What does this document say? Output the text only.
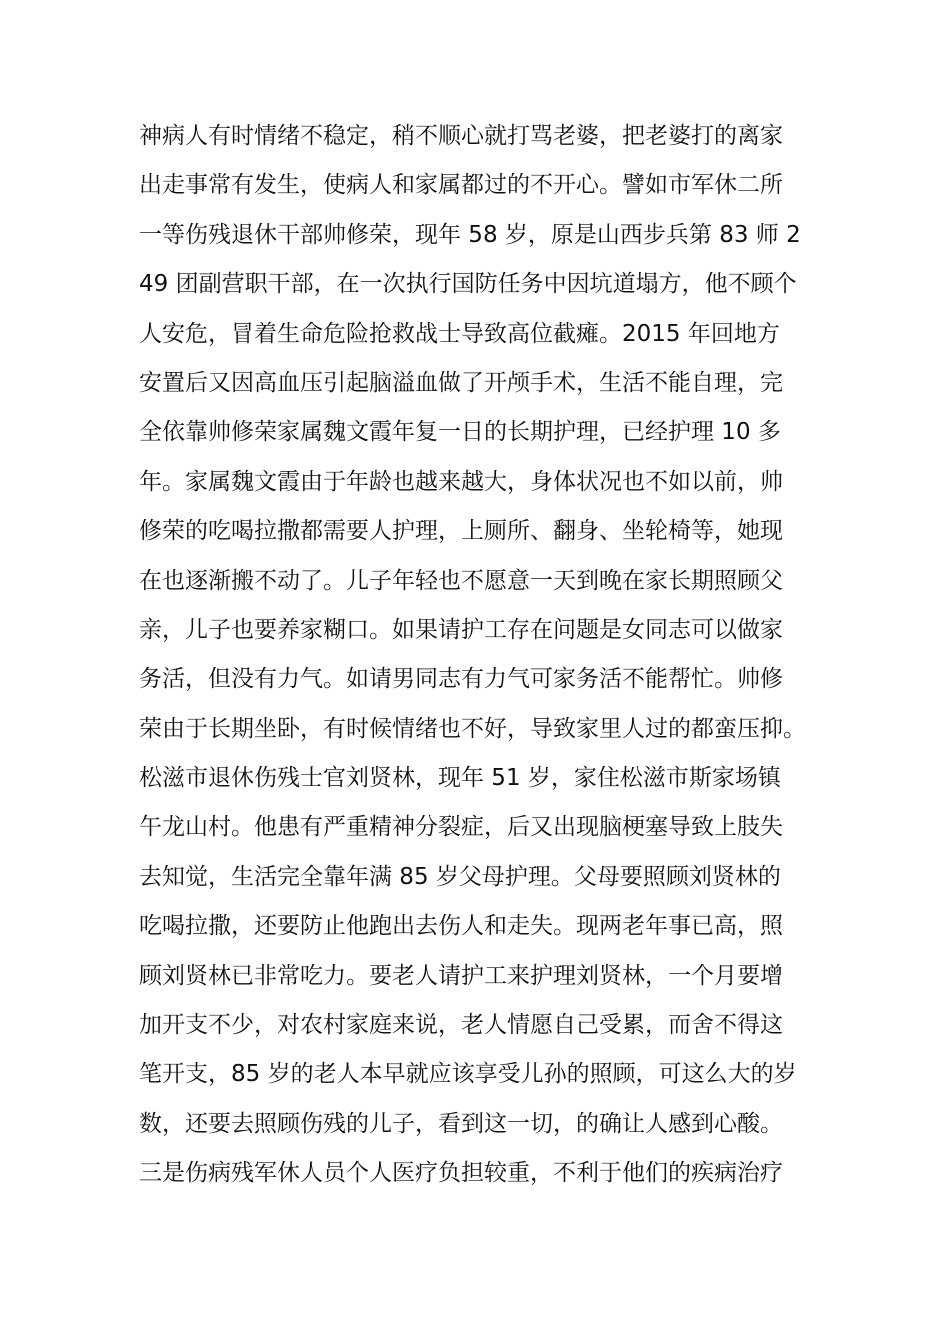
神病人有时情绪不稳定，稍不顺心就打骂老婆，把老婆打的离家
出走事常有发生，使病人和家属都过的不开心。譬如市军休二所
一等伤残退休干部帅修荣，现年 58 岁，原是山西步兵第 83 师 2
49 团副营职干部，在一次执行国防任务中因坑道塌方，他不顾个
人安危，冒着生命危险抢救战士导致高位截瘫。2015 年回地方
安置后又因高血压引起脑溢血做了开颅手术，生活不能自理，完
全依靠帅修荣家属魏文霞年复一日的长期护理，已经护理 10 多
年。家属魏文霞由于年龄也越来越大，身体状况也不如以前，帅
修荣的吃喝拉撒都需要人护理，上厕所、翻身、坐轮椅等，她现
在也逐渐搬不动了。儿子年轻也不愿意一天到晚在家长期照顾父
亲，儿子也要养家糊口。如果请护工存在问题是女同志可以做家
务活，但没有力气。如请男同志有力气可家务活不能帮忙。帅修
荣由于长期坐卧，有时候情绪也不好，导致家里人过的都蛮压抑。
松滋市退休伤残士官刘贤林，现年 51 岁，家住松滋市斯家场镇
午龙山村。他患有严重精神分裂症，后又出现脑梗塞导致上肢失
去知觉，生活完全靠年满 85 岁父母护理。父母要照顾刘贤林的
吃喝拉撒，还要防止他跑出去伤人和走失。现两老年事已高，照
顾刘贤林已非常吃力。要老人请护工来护理刘贤林，一个月要增
加开支不少，对农村家庭来说，老人情愿自己受累，而舍不得这
笔开支，85 岁的老人本早就应该享受儿孙的照顾，可这么大的岁
数，还要去照顾伤残的儿子，看到这一切，的确让人感到心酸。
三是伤病残军休人员个人医疗负担较重，不利于他们的疾病治疗
